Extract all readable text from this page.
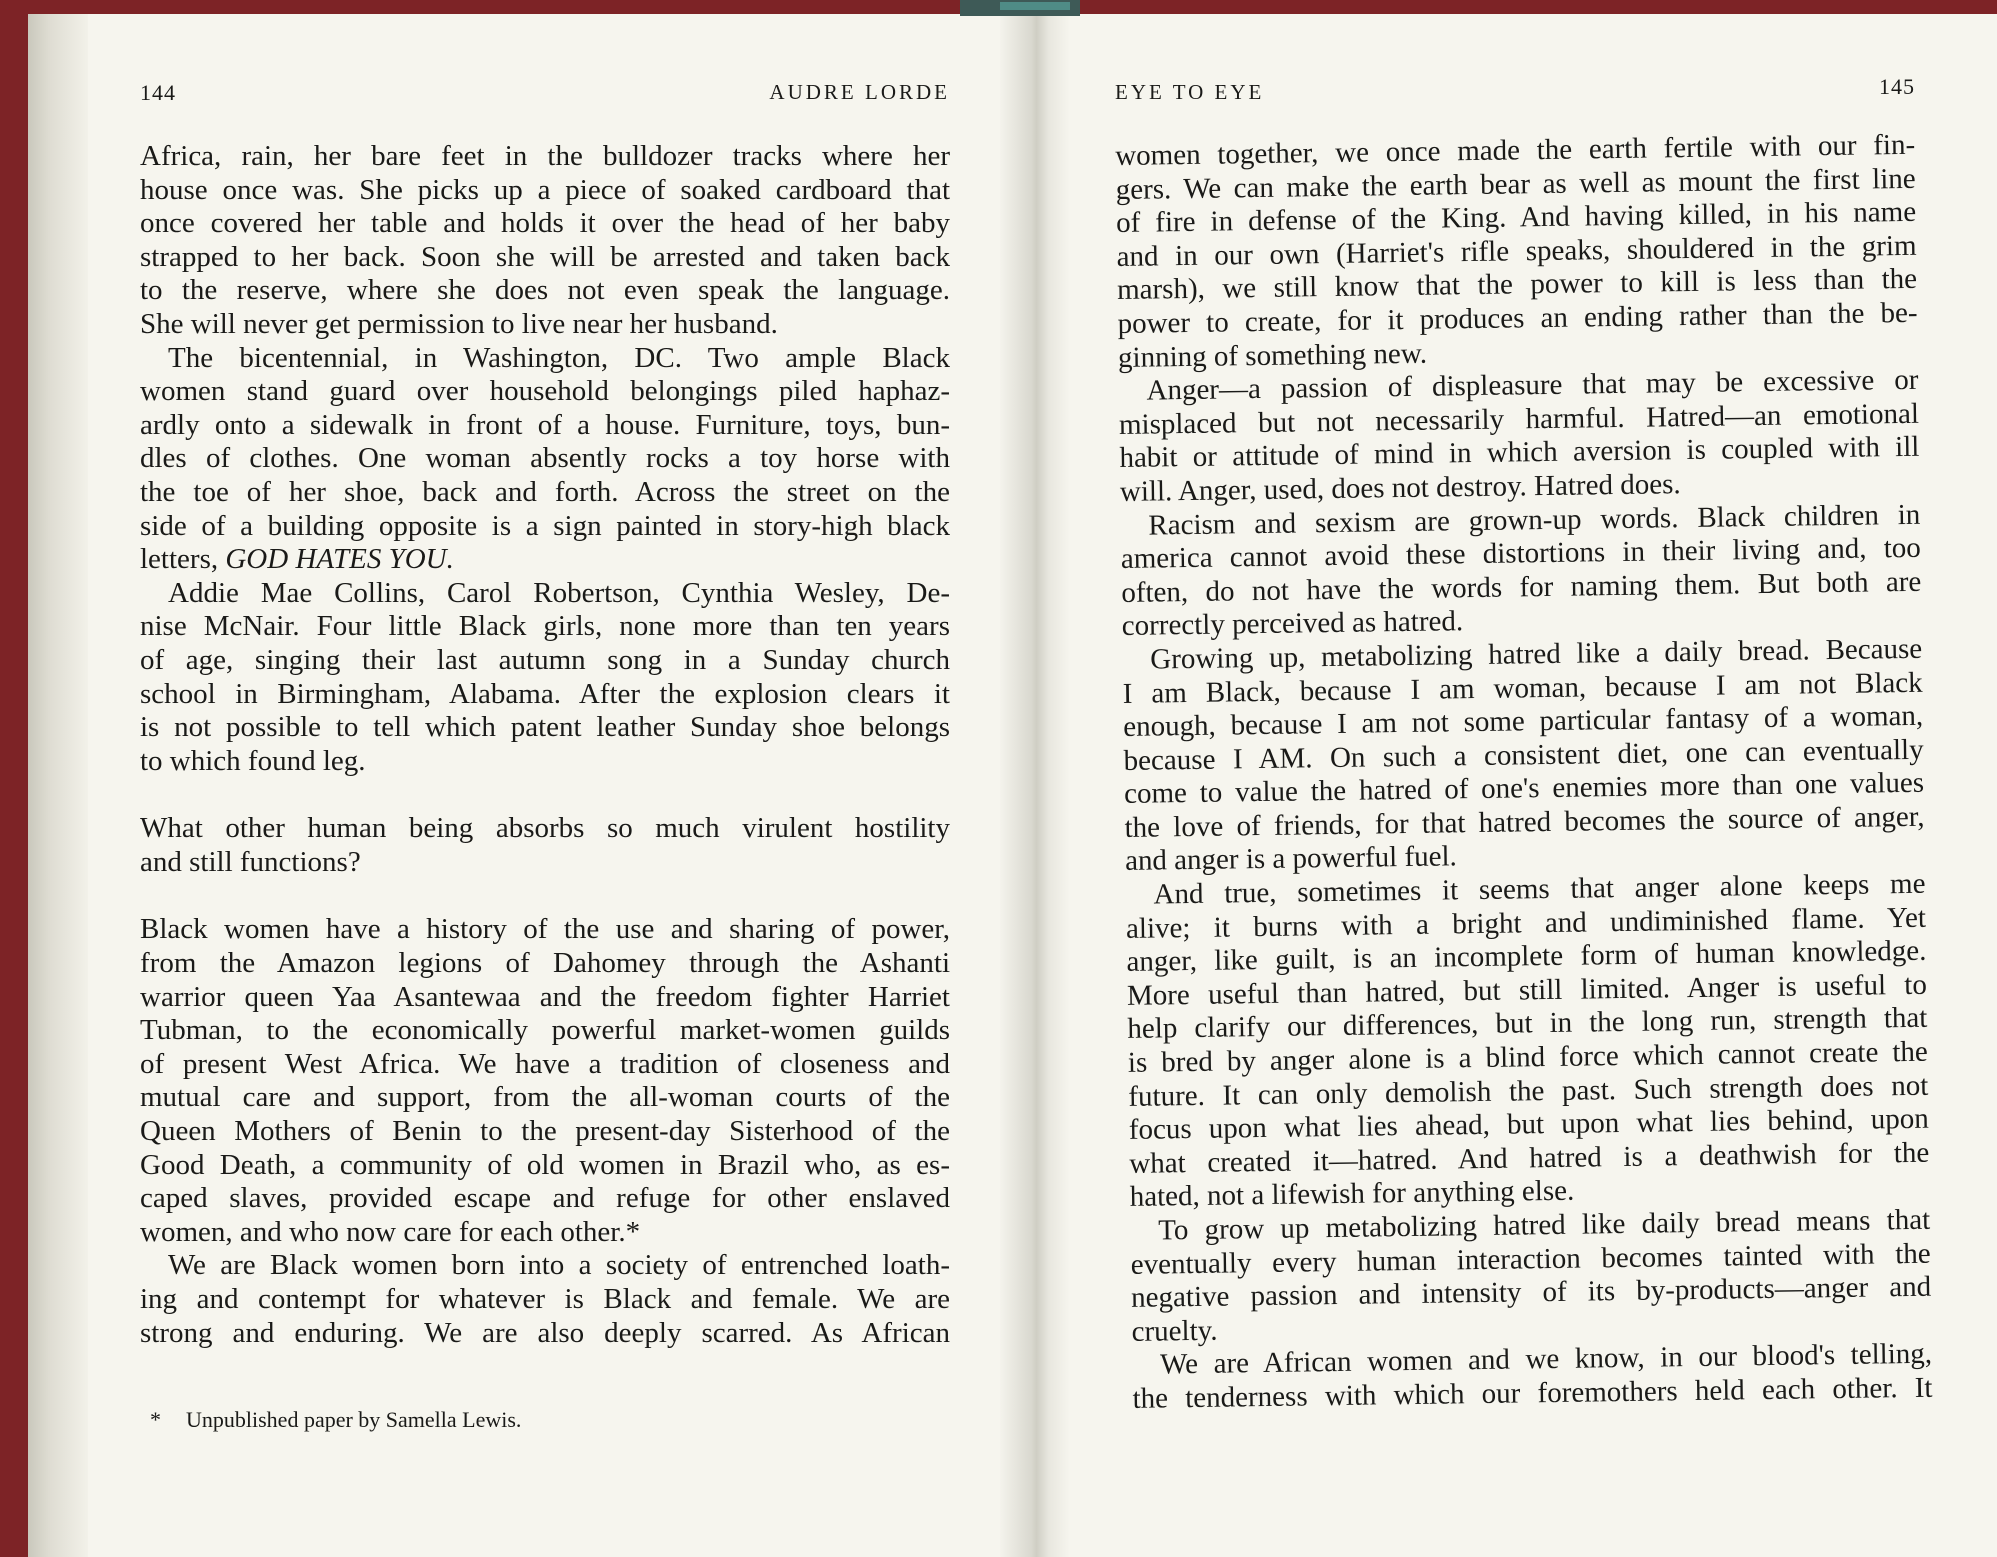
144	AUDRE LORDE
Africa, rain, her bare feet in the bulldozer tracks where her
house once was. She picks up a piece of soaked cardboard that
once covered her table and holds it over the head of her baby
strapped to her back. Soon she will be arrested and taken back
to the reserve, where she does not even speak the language.
She will never get permission to live near her husband.
The bicentennial, in Washington, DC. Two ample Black
women stand guard over household belongings piled haphaz-
ardly onto a sidewalk in front of a house. Furniture, toys, bun-
dles of clothes. One woman absently rocks a toy horse with
the toe of her shoe, back and forth. Across the street on the
side of a building opposite is a sign painted in story-high black
letters, GOD HATES YOU.
Addie Mae Collins, Carol Robertson, Cynthia Wesley, De-
nise McNair. Four little Black girls, none more than ten years
of age, singing their last autumn song in a Sunday church
school in Birmingham, Alabama. After the explosion clears it
is not possible to tell which patent leather Sunday shoe belongs
to which found leg.
What other human being absorbs so much virulent hostility
and still functions?
Black women have a history of the use and sharing of power,
from the Amazon legions of Dahomey through the Ashanti
warrior queen Yaa Asantewaa and the freedom fighter Harriet
Tubman, to the economically powerful market-women guilds
of present West Africa. We have a tradition of closeness and
mutual care and support, from the all-woman courts of the
Queen Mothers of Benin to the present-day Sisterhood of the
Good Death, a community of old women in Brazil who, as es-
caped slaves, provided escape and refuge for other enslaved
women, and who now care for each other.*
We are Black women born into a society of entrenched loath-
ing and contempt for whatever is Black and female. We are
strong and enduring. We are also deeply scarred. As African
* Unpublished paper by Samella Lewis.
EYE TO EYE	145
women together, we once made the earth fertile with our fin-
gers. We can make the earth bear as well as mount the first line
of fire in defense of the King. And having killed, in his name
and in our own (Harriet's rifle speaks, shouldered in the grim
marsh), we still know that the power to kill is less than the
power to create, for it produces an ending rather than the be-
ginning of something new.
Anger—a passion of displeasure that may be excessive or
misplaced but not necessarily harmful. Hatred—an emotional
habit or attitude of mind in which aversion is coupled with ill
will. Anger, used, does not destroy. Hatred does.
Racism and sexism are grown-up words. Black children in
america cannot avoid these distortions in their living and, too
often, do not have the words for naming them. But both are
correctly perceived as hatred.
Growing up, metabolizing hatred like a daily bread. Because
I am Black, because I am woman, because I am not Black
enough, because I am not some particular fantasy of a woman,
because I AM. On such a consistent diet, one can eventually
come to value the hatred of one's enemies more than one values
the love of friends, for that hatred becomes the source of anger,
and anger is a powerful fuel.
And true, sometimes it seems that anger alone keeps me
alive; it burns with a bright and undiminished flame. Yet
anger, like guilt, is an incomplete form of human knowledge.
More useful than hatred, but still limited. Anger is useful to
help clarify our differences, but in the long run, strength that
is bred by anger alone is a blind force which cannot create the
future. It can only demolish the past. Such strength does not
focus upon what lies ahead, but upon what lies behind, upon
what created it—hatred. And hatred is a deathwish for the
hated, not a lifewish for anything else.
To grow up metabolizing hatred like daily bread means that
eventually every human interaction becomes tainted with the
negative passion and intensity of its by-products—anger and
cruelty.
We are African women and we know, in our blood's telling,
the tenderness with which our foremothers held each other. It
